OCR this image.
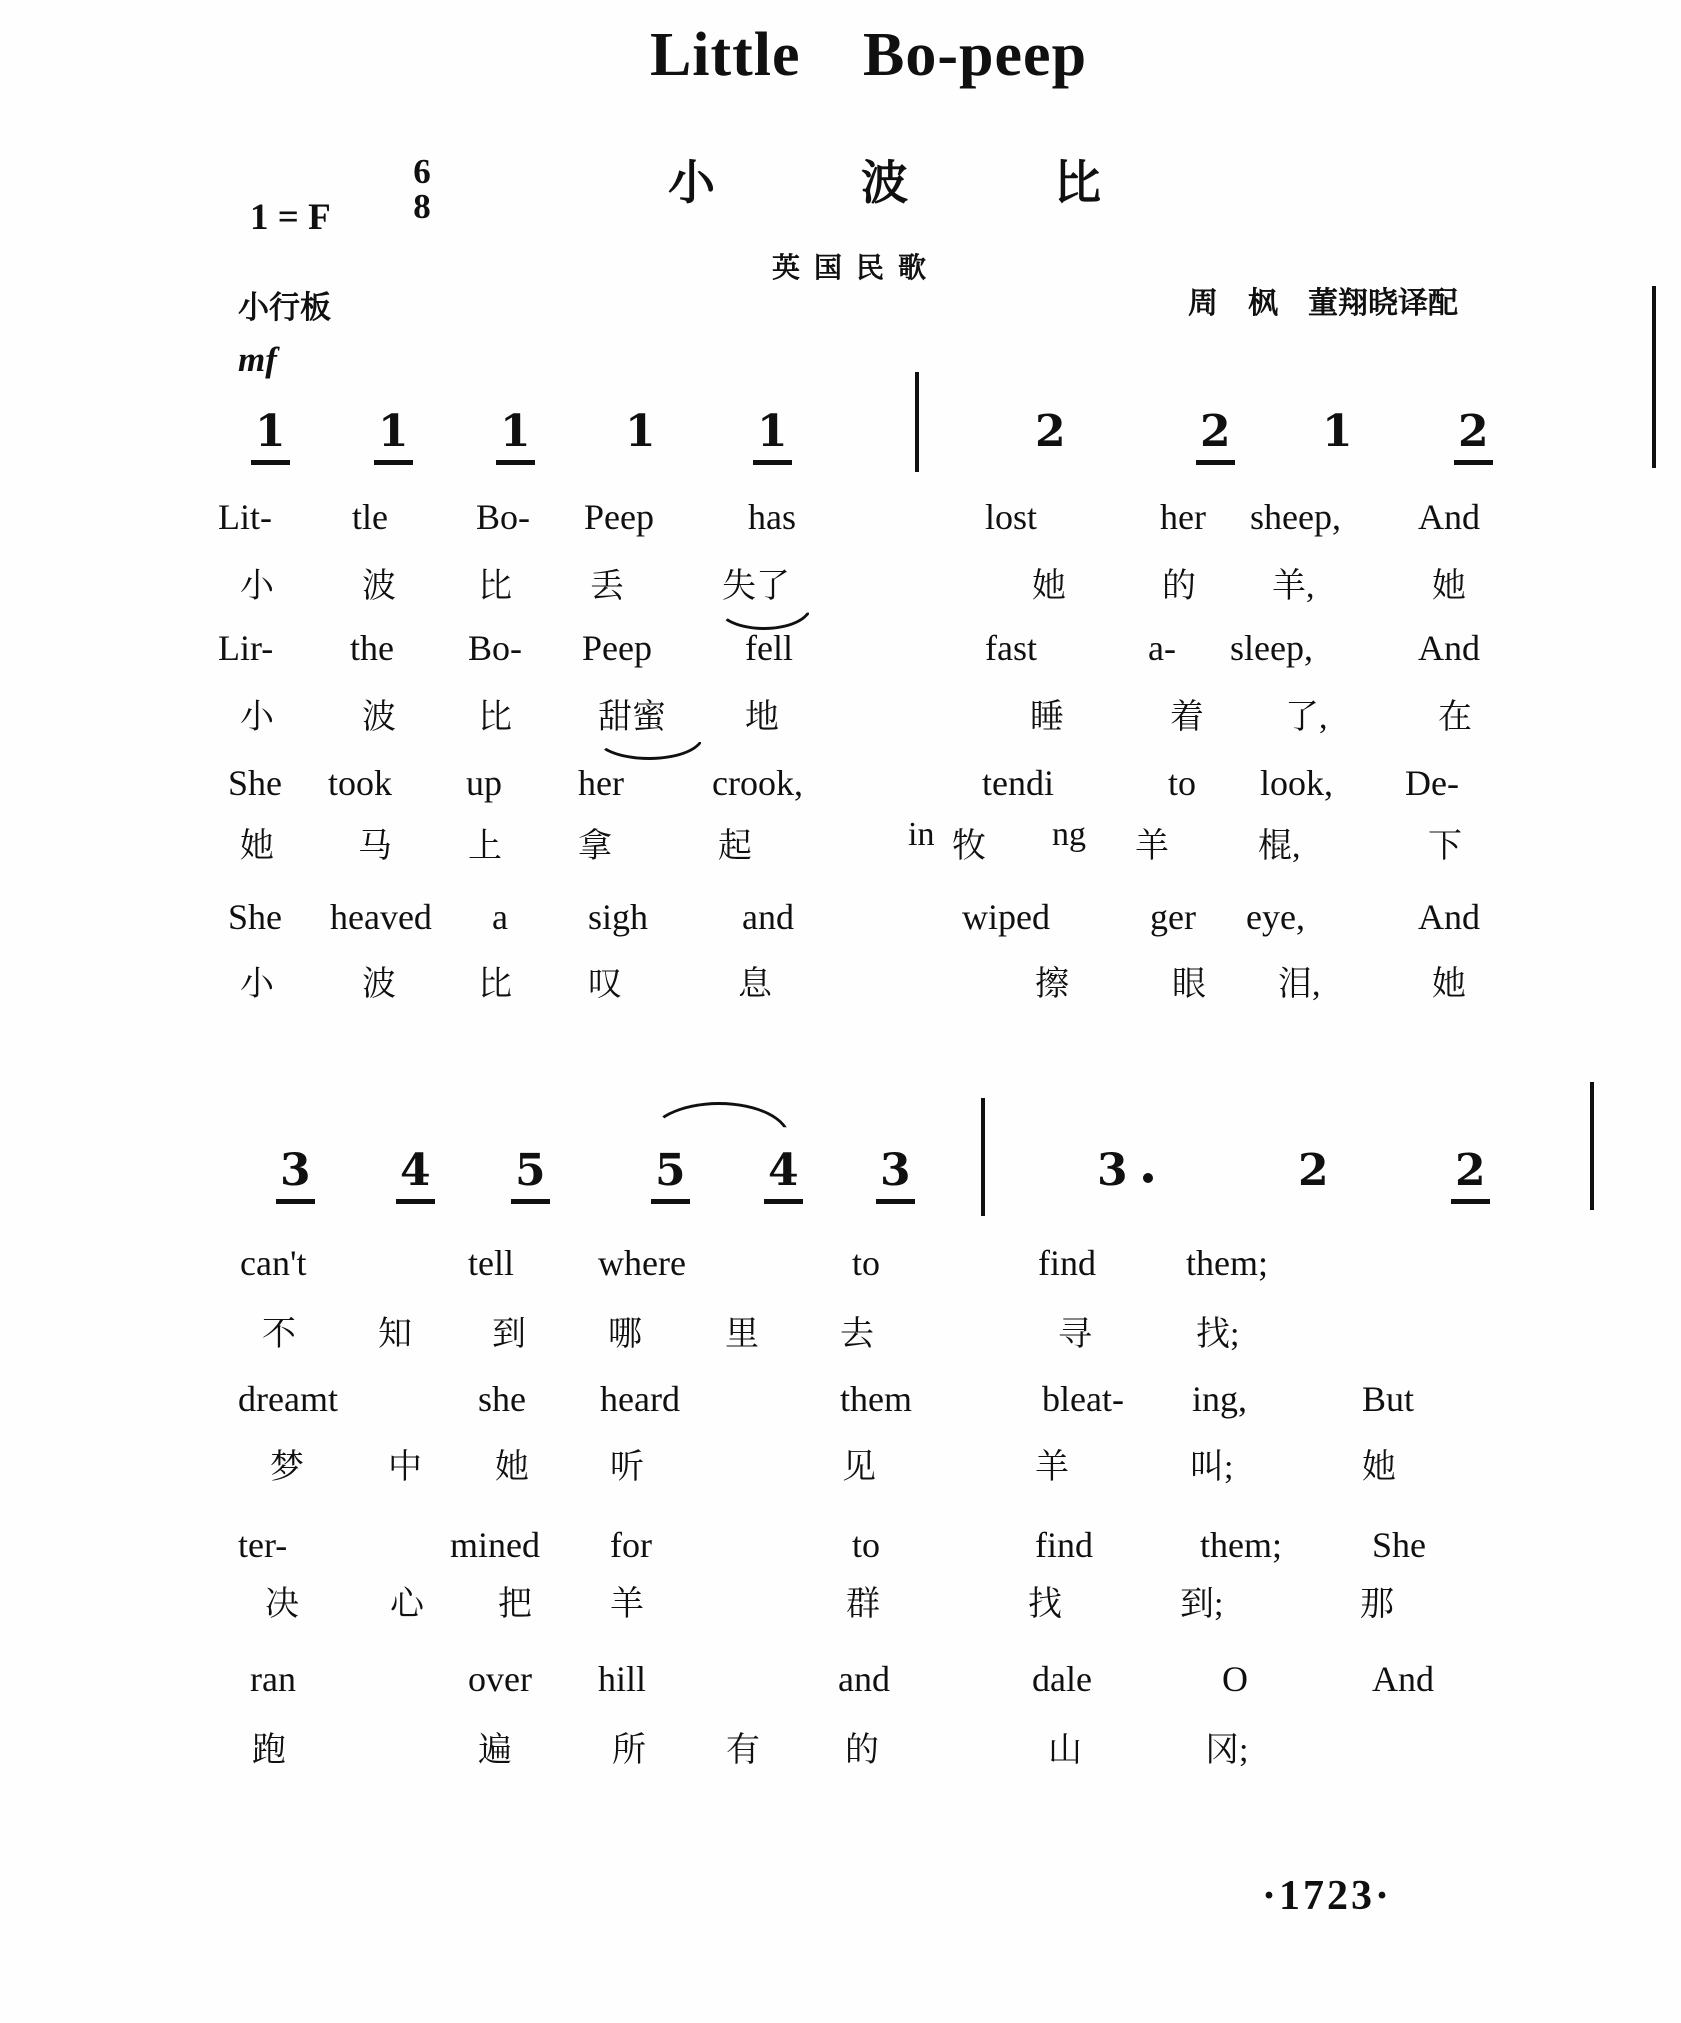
Little Bo-peep
小波比
英国民歌
1 = F
6
8
小行板	周　枫　董翔晓译配
mf
1 1 1 1 1	2	2 1 2
Lit- tle Bo- Peep	has	lost	her sheep, And
小	波 比 丢	失了	她	的 羊,	她
Lir- the Bo- Peep	fell	fast	a- sleep,	And
小	波 比	甜蜜 地	睡	着 了,	在
She took up her crook,	tendi	to look, De-
她 马 上 拿	起	in 牧 ng 羊	棍,	下
She heaved a sigh	and	wiped	ger eye,	And
小	波 比 叹	息	擦	眼 泪,	她
3 4 5 5 4 3	3	2	2
can't	tell where	to	find	them;
不 知 到 哪 里 去	寻	找;
dreamt	she heard	them	bleat- ing,	But
梦 中 她 听	见	羊	叫;	她
ter-	mined for	to	find	them;	She
决	心 把 羊	群	找	到;	那
ran	over hill	and	dale	O	And
跑	遍	所 有	的	山	冈;
·1723·
